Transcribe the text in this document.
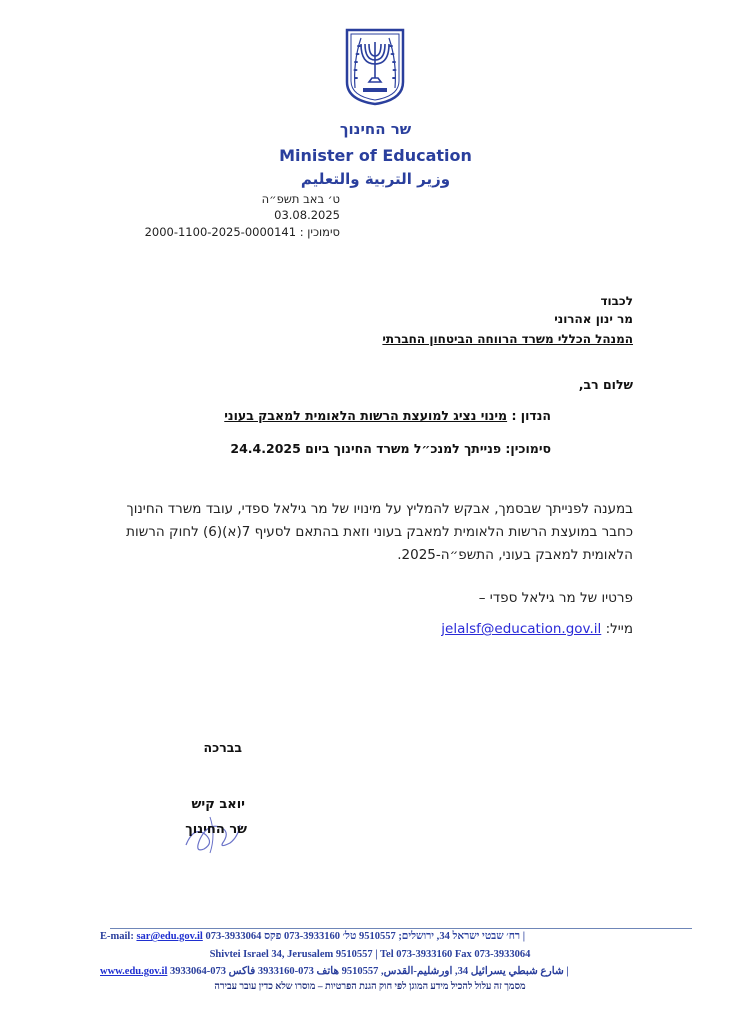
שר החינוך
Minister of Education
وزير التربية والتعليم
ט׳ באב תשפ״ה
03.08.2025
סימוכין : 2000-1100-2025-0000141
לכבוד
מר ינון אהרוני
המנהל הכללי משרד הרווחה הביטחון החברתי
שלום רב,
הנדון : מינוי נציג למועצת הרשות הלאומית למאבק בעוני
סימוכין: פנייתך למנכ״ל משרד החינוך ביום 24.4.2025
במענה לפנייתך שבסמך, אבקש להמליץ על מינויו של מר גילאל ספדי, עובד משרד החינוך כחבר במועצת הרשות הלאומית למאבק בעוני וזאת בהתאם לסעיף 7(א)(6) לחוק הרשות הלאומית למאבק בעוני, התשפ״ה-2025.
פרטיו של מר גילאל ספדי –
מייל: jelalsf@education.gov.il
בברכה
יואב קיש
שר החינוך
E-mail: sar@edu.gov.il רח׳ שבטי ישראל 34, ירושלים; 9510557 טל׳ 073-3933160 פקס 073-3933064 |
Shivtei Israel 34, Jerusalem 9510557 | Tel 073-3933160 Fax 073-3933064
www.edu.gov.il شارع شبطي يسرائيل 34, اورشليم-القدس, 9510557 هاتف 073-3933160 فاكس 073-3933064 |
מסמך זה עלול להכיל מידע המוגן לפי חוק הגנת הפרטיות – מוסרו שלא כדין עובר עבירה
